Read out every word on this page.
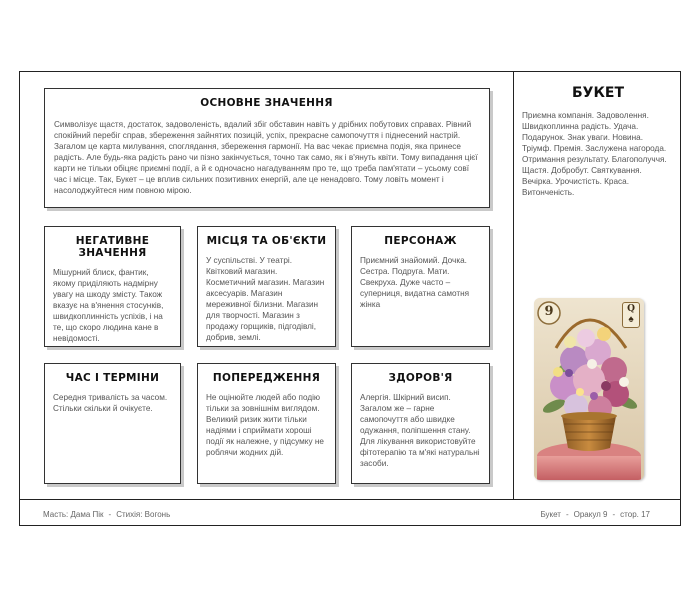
ОСНОВНЕ ЗНАЧЕННЯ
Символізує щастя, достаток, задоволеність, вдалий збіг обставин навіть у дрібних побутових справах. Рівний спокійний перебіг справ, збереження зайнятих позицій, успіх, прекрасне самопочуття і піднесений настрій. Загалом це карта милування, споглядання, збереження гармонії. На вас чекає приємна подія, яка принесе радість. Але будь-яка радість рано чи пізно закінчується, точно так само, як і в'януть квіти. Тому випадання цієї карти не тільки обіцяє приємні події, а й є одночасно нагадуванням про те, що треба пам'ятати – усьому совї час і місце. Так, Букет – це вплив сильних позитивних енергій, але це ненадовго. Тому ловіть момент і насолоджуйтеся ним повною мірою.
НЕГАТИВНЕ ЗНАЧЕННЯ
Мішурний блиск, фантик, якому приділяють надмірну увагу на шкоду змісту. Також вказує на в'янення стосунків, швидкоплинність успіхів, і на те, що скоро людина кане в невідомості.
МІСЦЯ ТА ОБ'ЄКТИ
У суспільстві. У театрі. Квітковий магазин. Косметичний магазин. Магазин аксесуарів. Магазин мереживної білизни. Магазин для творчості. Магазин з продажу горщиків, підгодівлі, добрив, землі.
ПЕРСОНАЖ
Приємний знайомий. Дочка. Сестра. Подруга. Мати. Свекруха. Дуже часто – суперниця, видатна самотня жінка
ЧАС І ТЕРМІНИ
Середня тривалість за часом. Стільки скільки й очікуєте.
ПОПЕРЕДЖЕННЯ
Не оцінюйте людей або подію тільки за зовнішнім виглядом. Великий ризик жити тільки надіями і сприймати хороші події як належне, у підсумку не роблячи жодних дій.
ЗДОРОВ'Я
Алергія. Шкірний висип. Загалом же – гарне самопочуття або швидке одужання, поліпшення стану. Для лікування використовуйте фітотерапію та м'які натуральні засоби.
БУКЕТ
Приємна компанія. Задоволення. Швидкоплинна радість. Удача. Подарунок. Знак уваги. Новина. Тріумф. Премія. Заслужена нагорода. Отримання результату. Благополуччя. Щастя. Добробут. Святкування. Вечірка. Урочистість. Краса. Витонченість.
9	Q
♠
Масть: Дама Пік - Стихія: Вогонь	Букет - Оракул 9 - стор. 17
